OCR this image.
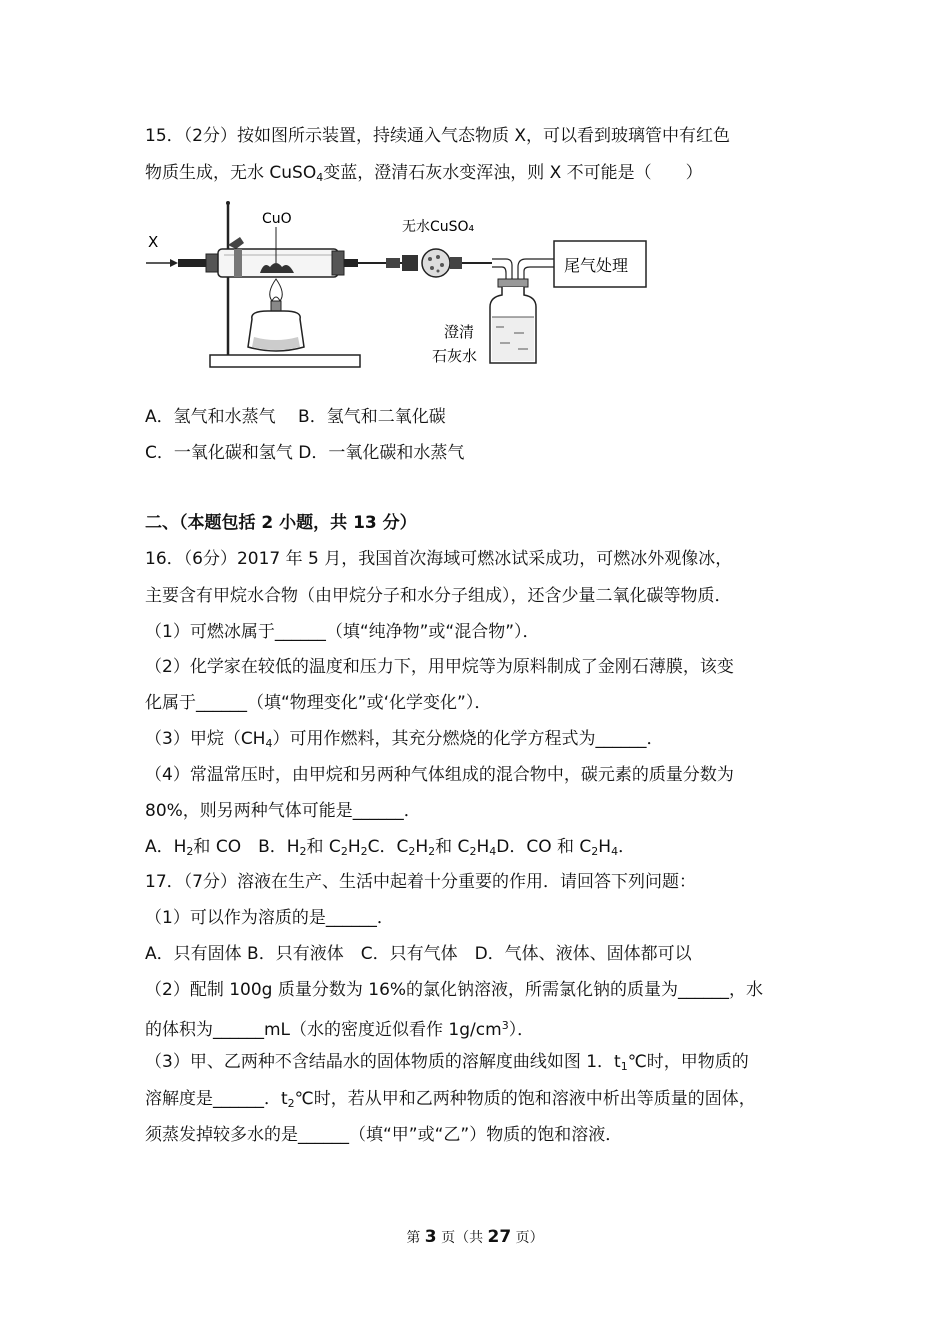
15．（2分）按如图所示装置，持续通入气态物质 X，可以看到玻璃管中有红色
物质生成，无水 CuSO$_4$变蓝，澄清石灰水变浑浊，则 X 不可能是（　　）
X
CuO	无水CuSO₄
澄清
石灰水
尾气处理
A．氢气和水蒸气　 B．氢气和二氧化碳
C．一氧化碳和氢气 D．一氧化碳和水蒸气
二、（本题包括 2 小题，共 13 分）
16．（6分）2017 年 5 月，我国首次海域可燃冰试采成功，可燃冰外观像冰，
主要含有甲烷水合物（由甲烷分子和水分子组成），还含少量二氧化碳等物质．
（1）可燃冰属于______（填“纯净物”或“混合物”）．
（2）化学家在较低的温度和压力下，用甲烷等为原料制成了金刚石薄膜，该变
化属于______（填“物理变化”或‘化学变化”）．
（3）甲烷$(CH_4)$可用作燃料，其充分燃烧的化学方程式为______．
（4）常温常压时，由甲烷和另两种气体组成的混合物中，碳元素的质量分数为
80%，则另两种气体可能是______．
A．$H_2$和 CO　B．$H_2$和 $C_2H_2C$．$C_2H_2$和 $C_2H_4D$．CO 和 $C_2H_4$．
17．（7分）溶液在生产、生活中起着十分重要的作用．请回答下列问题：
（1）可以作为溶质的是______．
A．只有固体 B．只有液体　C．只有气体　D．气体、液体、固体都可以
（2）配制 100g 质量分数为 16%的氯化钠溶液，所需氯化钠的质量为______，水
的体积为______mL（水的密度近似看作 $1g/cm^3$）．
（3）甲、乙两种不含结晶水的固体物质的溶解度曲线如图 1．$t_1℃$时，甲物质的
溶解度是______．$t_2℃$时，若从甲和乙两种物质的饱和溶液中析出等质量的固体，
须蒸发掉较多水的是______（填“甲”或“乙”）物质的饱和溶液．
第 3 页（共 27 页）
